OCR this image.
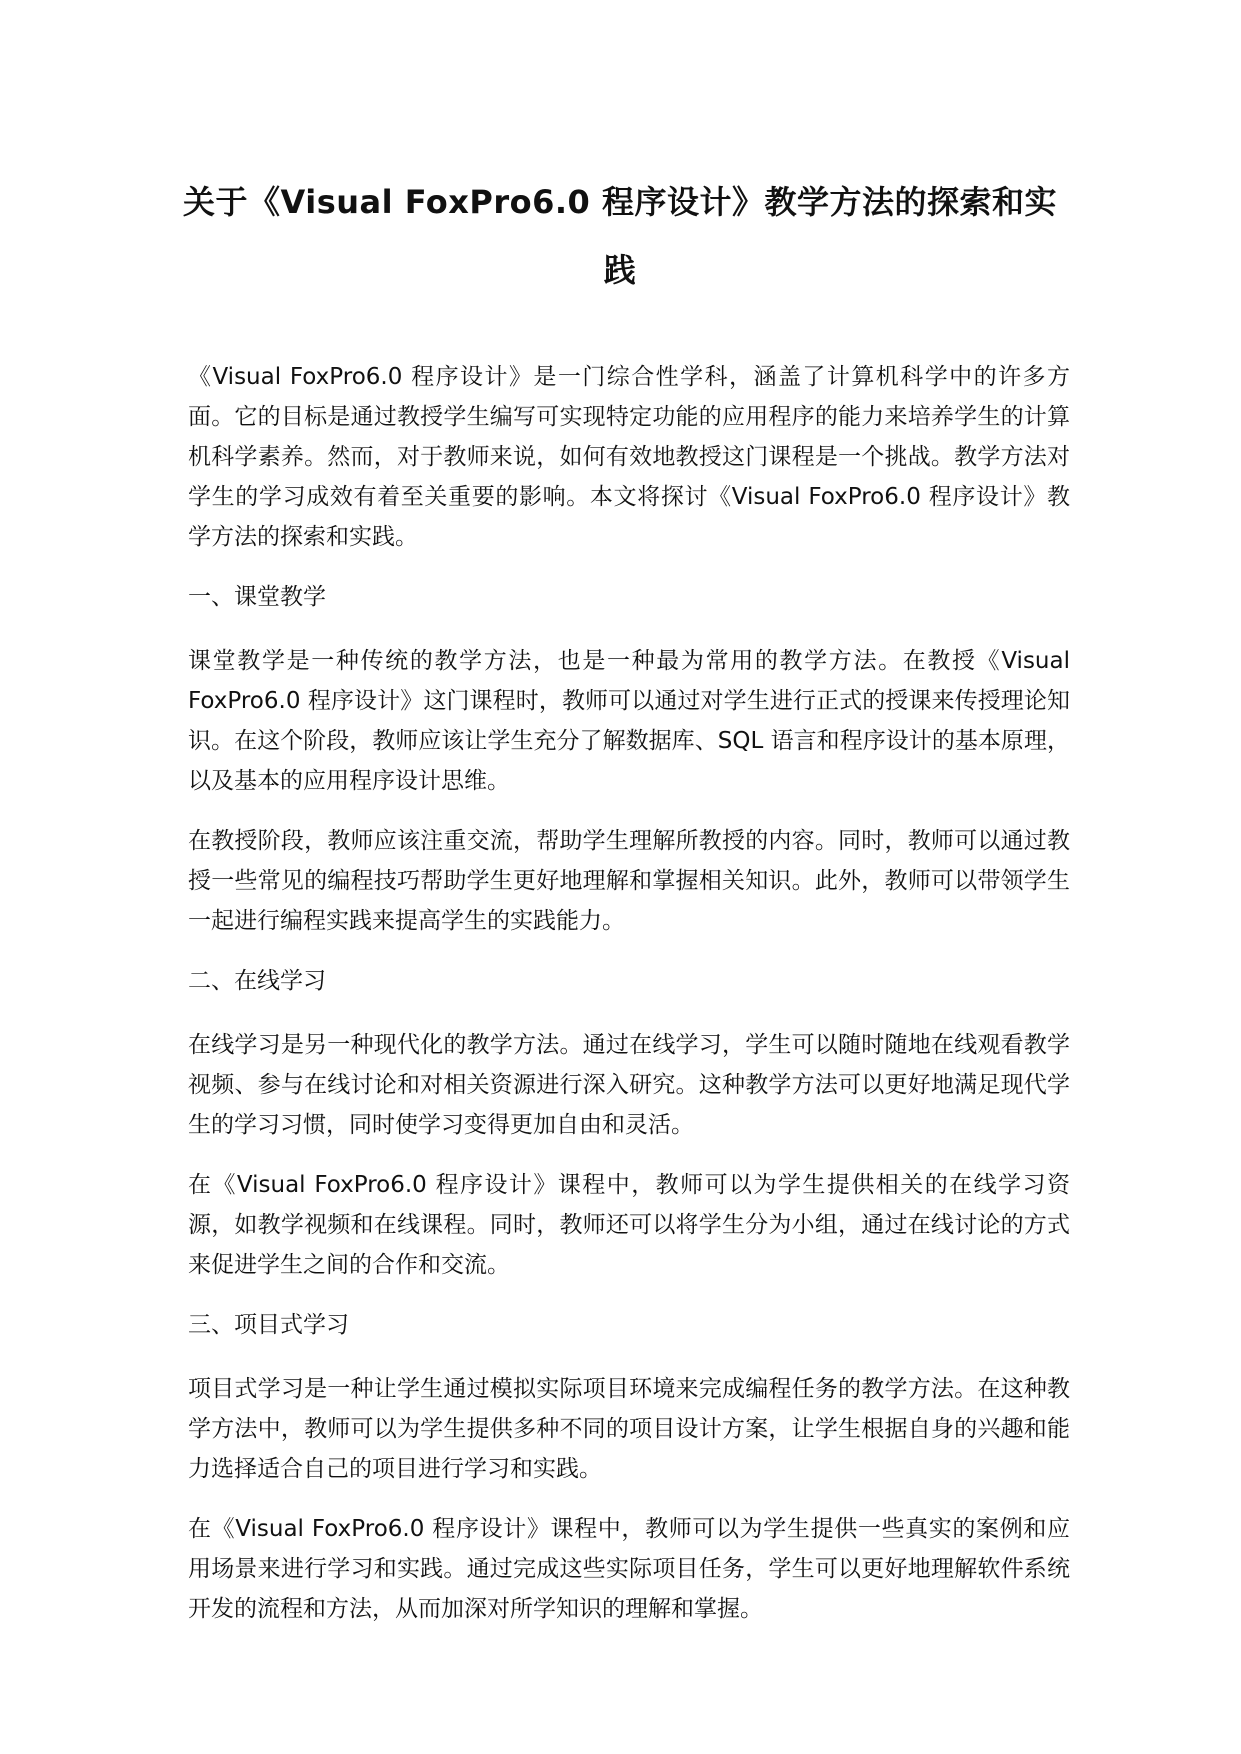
关于《Visual FoxPro6.0 程序设计》教学方法的探索和实践

《Visual FoxPro6.0 程序设计》是一门综合性学科，涵盖了计算机科学中的许多方面。它的目标是通过教授学生编写可实现特定功能的应用程序的能力来培养学生的计算机科学素养。然而，对于教师来说，如何有效地教授这门课程是一个挑战。教学方法对学生的学习成效有着至关重要的影响。本文将探讨《Visual FoxPro6.0 程序设计》教学方法的探索和实践。

一、课堂教学

课堂教学是一种传统的教学方法，也是一种最为常用的教学方法。在教授《Visual FoxPro6.0 程序设计》这门课程时，教师可以通过对学生进行正式的授课来传授理论知识。在这个阶段，教师应该让学生充分了解数据库、SQL 语言和程序设计的基本原理，以及基本的应用程序设计思维。

在教授阶段，教师应该注重交流，帮助学生理解所教授的内容。同时，教师可以通过教授一些常见的编程技巧帮助学生更好地理解和掌握相关知识。此外，教师可以带领学生一起进行编程实践来提高学生的实践能力。

二、在线学习

在线学习是另一种现代化的教学方法。通过在线学习，学生可以随时随地在线观看教学视频、参与在线讨论和对相关资源进行深入研究。这种教学方法可以更好地满足现代学生的学习习惯，同时使学习变得更加自由和灵活。

在《Visual FoxPro6.0 程序设计》课程中，教师可以为学生提供相关的在线学习资源，如教学视频和在线课程。同时，教师还可以将学生分为小组，通过在线讨论的方式来促进学生之间的合作和交流。

三、项目式学习

项目式学习是一种让学生通过模拟实际项目环境来完成编程任务的教学方法。在这种教学方法中，教师可以为学生提供多种不同的项目设计方案，让学生根据自身的兴趣和能力选择适合自己的项目进行学习和实践。

在《Visual FoxPro6.0 程序设计》课程中，教师可以为学生提供一些真实的案例和应用场景来进行学习和实践。通过完成这些实际项目任务，学生可以更好地理解软件系统开发的流程和方法，从而加深对所学知识的理解和掌握。
